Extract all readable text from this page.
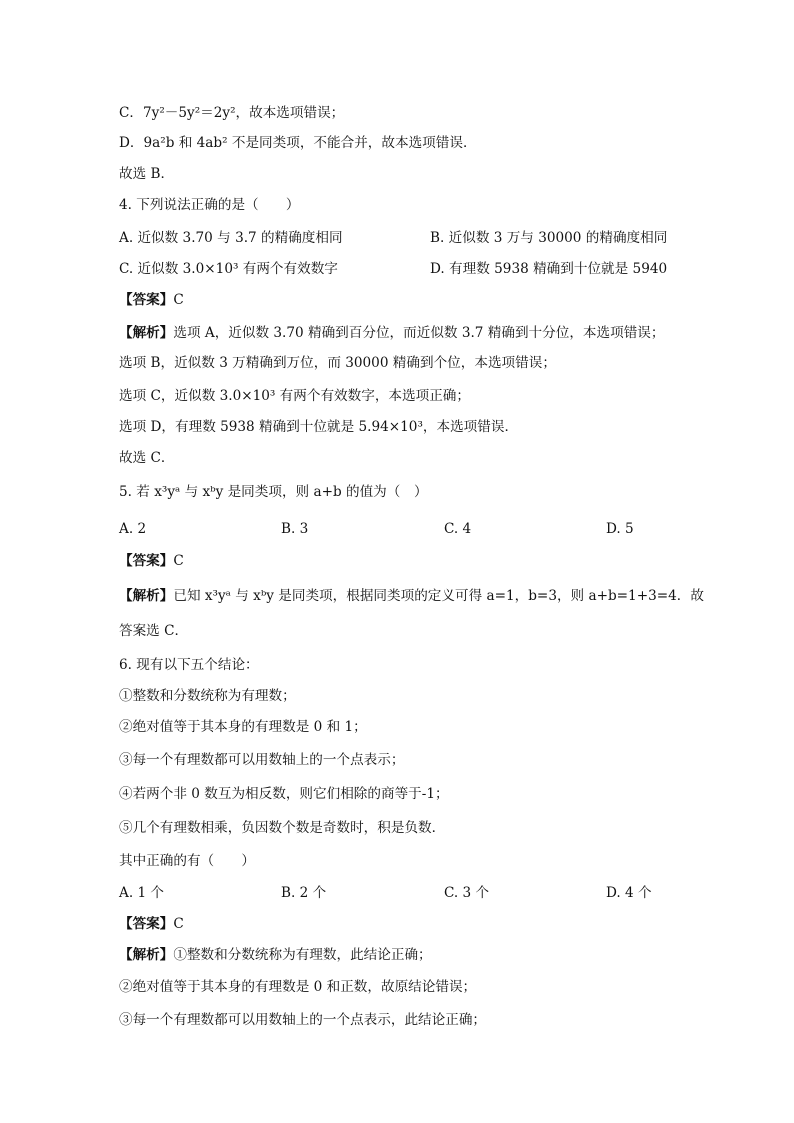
C．7y²－5y²＝2y²，故本选项错误；
D．9a²b 和 4ab² 不是同类项，不能合并，故本选项错误．
故选 B．
4. 下列说法正确的是（　　）
A. 近似数 3.70 与 3.7 的精确度相同	B. 近似数 3 万与 30000 的精确度相同
C. 近似数 3.0×10³ 有两个有效数字	D. 有理数 5938 精确到十位就是 5940
【答案】C
【解析】选项 A，近似数 3.70 精确到百分位，而近似数 3.7 精确到十分位，本选项错误；
选项 B，近似数 3 万精确到万位，而 30000 精确到个位，本选项错误；
选项 C，近似数 3.0×10³ 有两个有效数字，本选项正确；
选项 D，有理数 5938 精确到十位就是 5.94×10³，本选项错误．
故选 C．
5. 若 x³yᵃ 与 xᵇy 是同类项，则 a+b 的值为（　）
A. 2	B. 3	C. 4	D. 5
【答案】C
【解析】已知 x³yᵃ 与 xᵇy 是同类项，根据同类项的定义可得 a=1，b=3，则 a+b=1+3=4．故
答案选 C．
6. 现有以下五个结论：
①整数和分数统称为有理数；
②绝对值等于其本身的有理数是 0 和 1；
③每一个有理数都可以用数轴上的一个点表示；
④若两个非 0 数互为相反数，则它们相除的商等于-1；
⑤几个有理数相乘，负因数个数是奇数时，积是负数．
其中正确的有（　　）
A. 1 个	B. 2 个	C. 3 个	D. 4 个
【答案】C
【解析】①整数和分数统称为有理数，此结论正确；
②绝对值等于其本身的有理数是 0 和正数，故原结论错误；
③每一个有理数都可以用数轴上的一个点表示，此结论正确；
